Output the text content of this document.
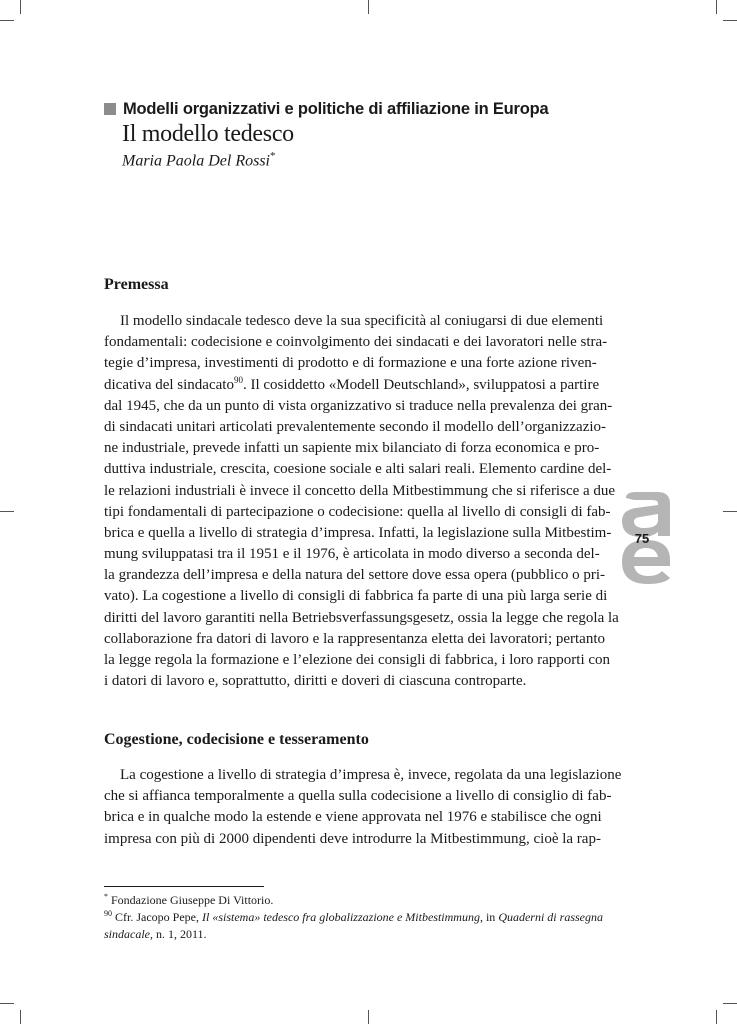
Modelli organizzativi e politiche di affiliazione in Europa
Il modello tedesco
Maria Paola Del Rossi*
Premessa
Il modello sindacale tedesco deve la sua specificità al coniugarsi di due elementi
fondamentali: codecisione e coinvolgimento dei sindacati e dei lavoratori nelle stra-
tegie d’impresa, investimenti di prodotto e di formazione e una forte azione riven-
dicativa del sindacato$^{90}$. Il cosiddetto «Modell Deutschland», sviluppatosi a partire
dal 1945, che da un punto di vista organizzativo si traduce nella prevalenza dei gran-
di sindacati unitari articolati prevalentemente secondo il modello dell’organizzazio-
ne industriale, prevede infatti un sapiente mix bilanciato di forza economica e pro-
duttiva industriale, crescita, coesione sociale e alti salari reali. Elemento cardine del-
le relazioni industriali è invece il concetto della Mitbestimmung che si riferisce a due
tipi fondamentali di partecipazione o codecisione: quella al livello di consigli di fab-
brica e quella a livello di strategia d’impresa. Infatti, la legislazione sulla Mitbestim-
mung sviluppatasi tra il 1951 e il 1976, è articolata in modo diverso a seconda del-
la grandezza dell’impresa e della natura del settore dove essa opera (pubblico o pri-
vato). La cogestione a livello di consigli di fabbrica fa parte di una più larga serie di
diritti del lavoro garantiti nella Betriebsverfassungsgesetz, ossia la legge che regola la
collaborazione fra datori di lavoro e la rappresentanza eletta dei lavoratori; pertanto
la legge regola la formazione e l’elezione dei consigli di fabbrica, i loro rapporti con
i datori di lavoro e, soprattutto, diritti e doveri di ciascuna controparte.
Cogestione, codecisione e tesseramento
La cogestione a livello di strategia d’impresa è, invece, regolata da una legislazione
che si affianca temporalmente a quella sulla codecisione a livello di consiglio di fab-
brica e in qualche modo la estende e viene approvata nel 1976 e stabilisce che ogni
impresa con più di 2000 dipendenti deve introdurre la Mitbestimmung, cioè la rap-
* Fondazione Giuseppe Di Vittorio.
$^{90}$ Cfr. Jacopo Pepe, Il «sistema» tedesco fra globalizzazione e Mitbestimmung, in Quaderni di rassegna
sindacale, n. 1, 2011.
75
